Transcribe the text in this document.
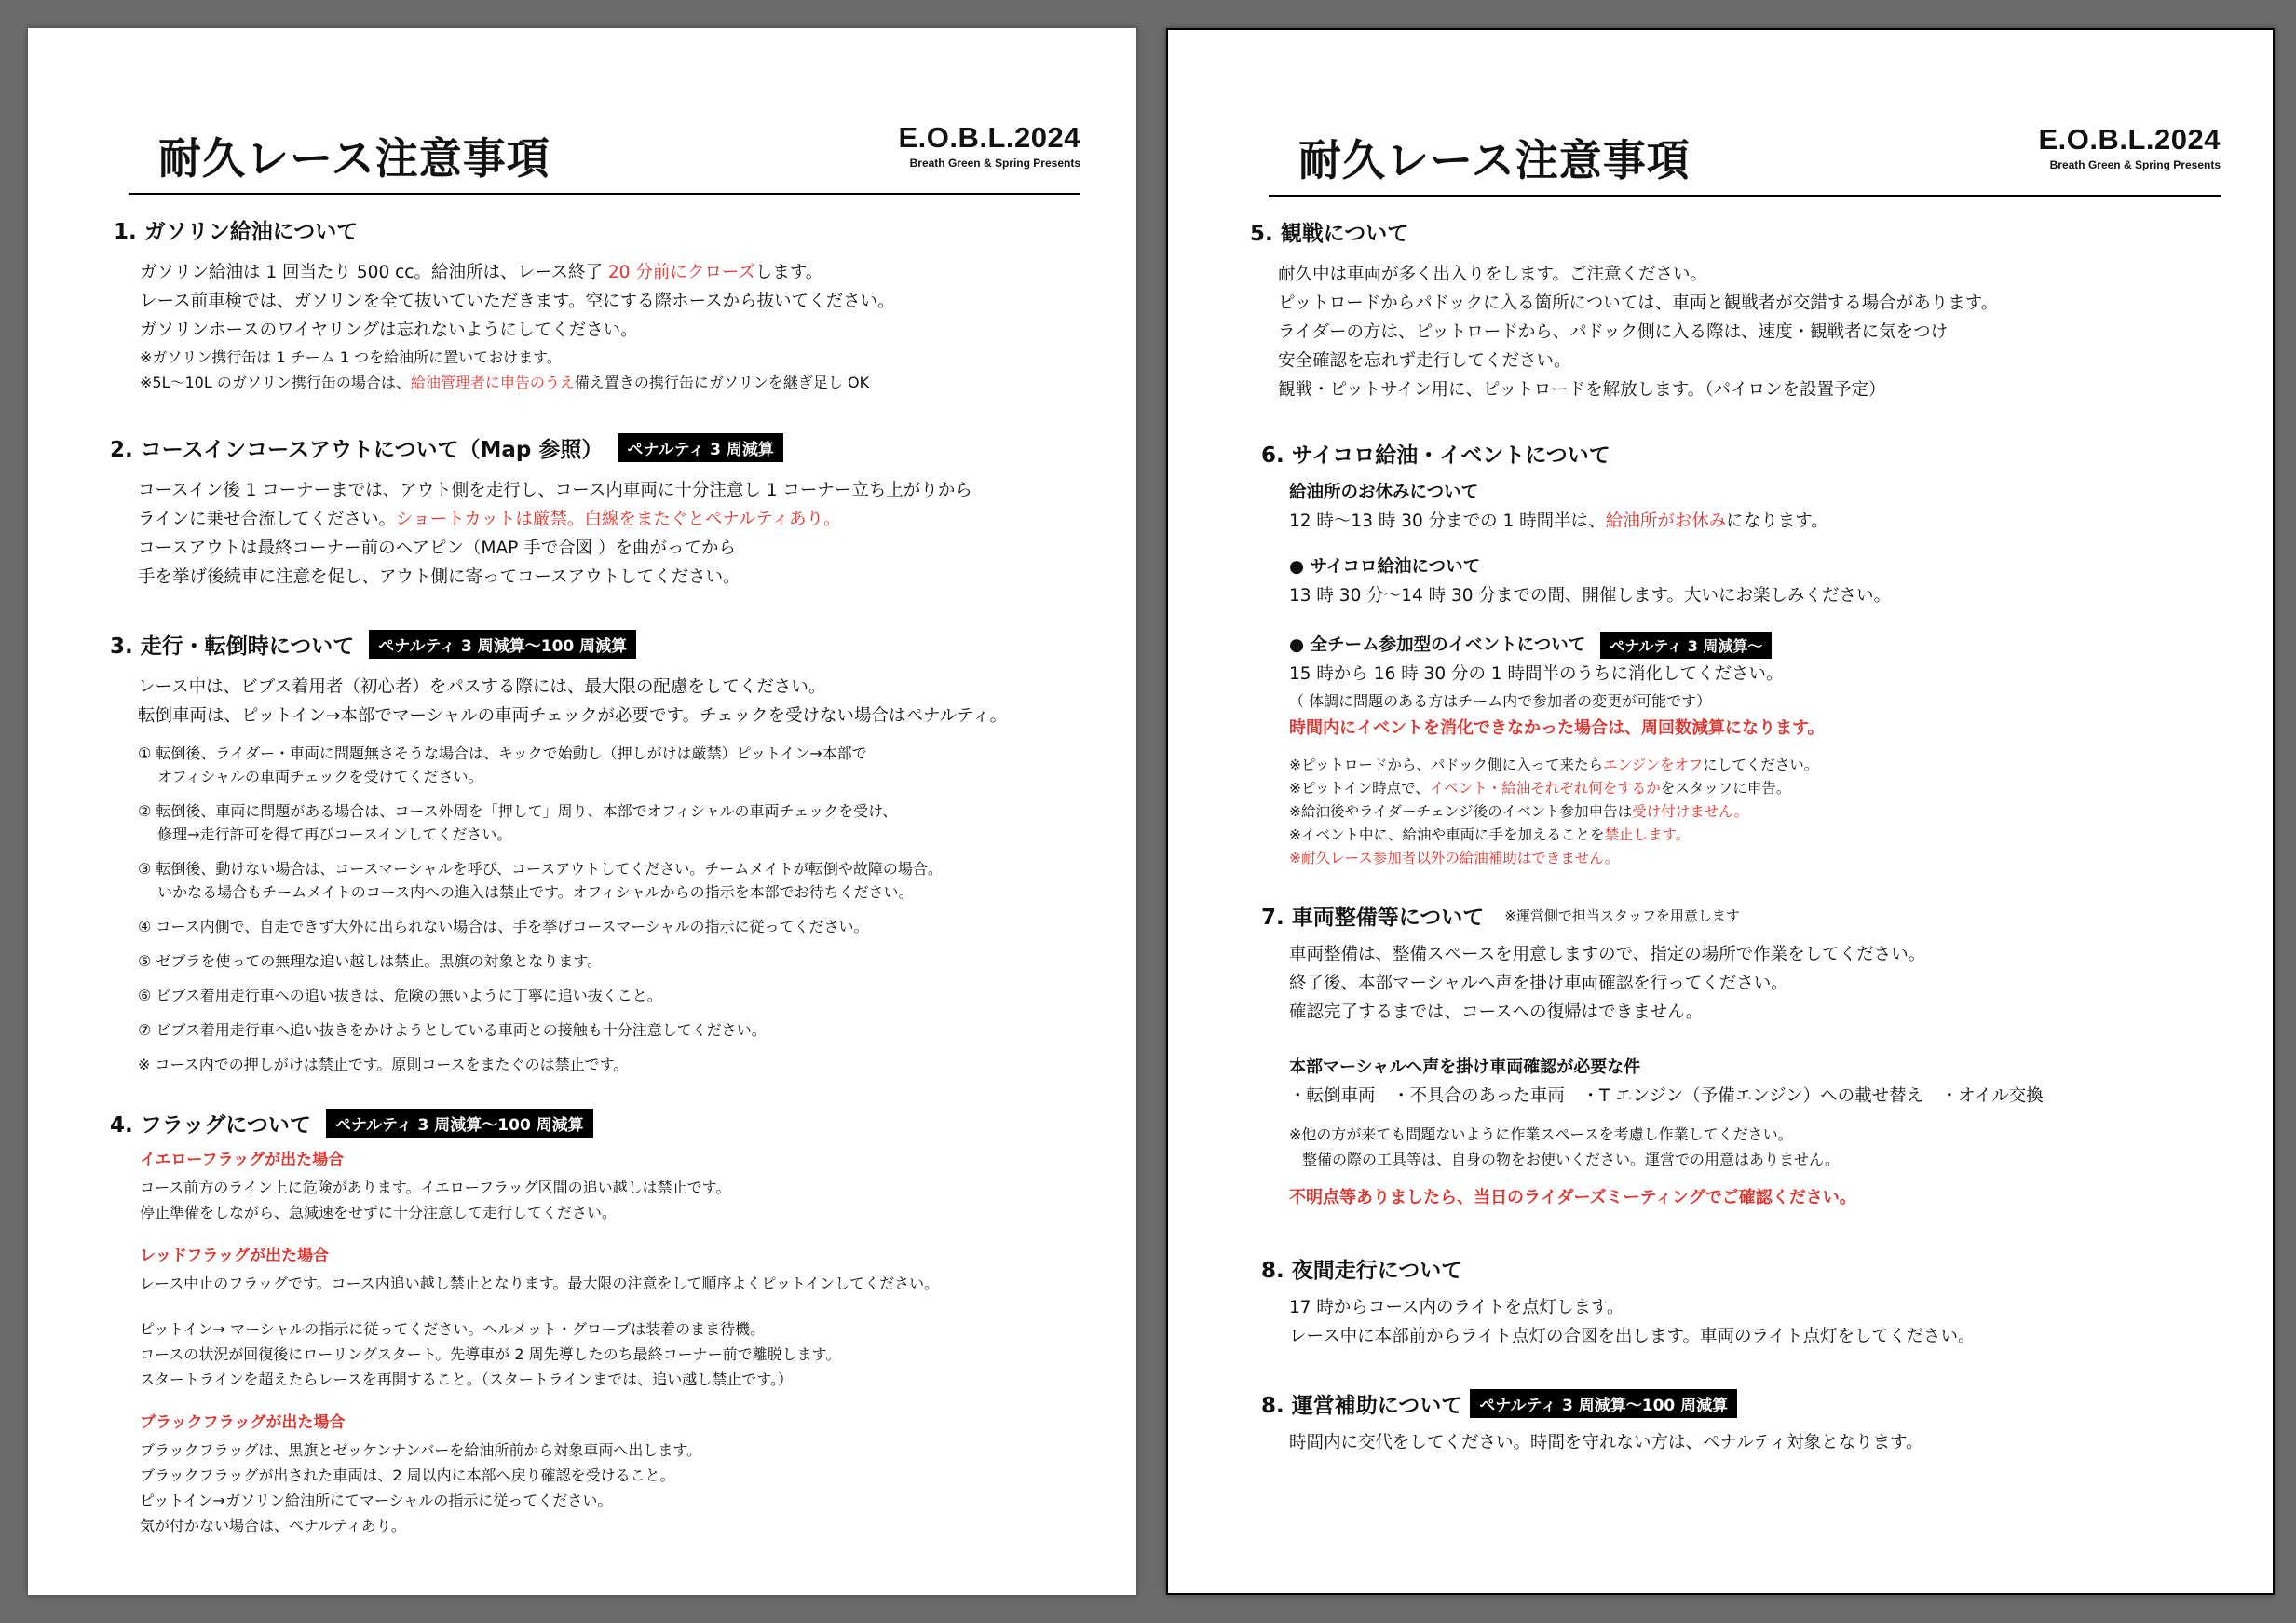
耐久レース注意事項	E.O.B.L.2024
Breath Green & Spring Presents
1. ガソリン給油について
ガソリン給油は 1 回当たり 500 cc。給油所は、レース終了 20 分前にクローズします。
レース前車検では、ガソリンを全て抜いていただきます。空にする際ホースから抜いてください。
ガソリンホースのワイヤリングは忘れないようにしてください。
※ガソリン携行缶は 1 チーム 1 つを給油所に置いておけます。
※5L～10L のガソリン携行缶の場合は、給油管理者に申告のうえ備え置きの携行缶にガソリンを継ぎ足し OK
2. コースインコースアウトについて（Map 参照）	ペナルティ 3 周減算
コースイン後 1 コーナーまでは、アウト側を走行し、コース内車両に十分注意し 1 コーナー立ち上がりから
ラインに乗せ合流してください。ショートカットは厳禁。白線をまたぐとペナルティあり。
コースアウトは最終コーナー前のヘアピン（MAP 手で合図 ）を曲がってから
手を挙げ後続車に注意を促し、アウト側に寄ってコースアウトしてください。
3. 走行・転倒時について	ペナルティ 3 周減算～100 周減算
レース中は、ビブス着用者（初心者）をパスする際には、最大限の配慮をしてください。
転倒車両は、ピットイン→本部でマーシャルの車両チェックが必要です。チェックを受けない場合はペナルティ。
① 転倒後、ライダー・車両に問題無さそうな場合は、キックで始動し（押しがけは厳禁）ピットイン→本部で
　 オフィシャルの車両チェックを受けてください。
② 転倒後、車両に問題がある場合は、コース外周を「押して」周り、本部でオフィシャルの車両チェックを受け、
　 修理→走行許可を得て再びコースインしてください。
③ 転倒後、動けない場合は、コースマーシャルを呼び、コースアウトしてください。チームメイトが転倒や故障の場合。
　 いかなる場合もチームメイトのコース内への進入は禁止です。オフィシャルからの指示を本部でお待ちください。
④ コース内側で、自走できず大外に出られない場合は、手を挙げコースマーシャルの指示に従ってください。
⑤ ゼブラを使っての無理な追い越しは禁止。黒旗の対象となります。
⑥ ビブス着用走行車への追い抜きは、危険の無いように丁寧に追い抜くこと。
⑦ ビブス着用走行車へ追い抜きをかけようとしている車両との接触も十分注意してください。
※ コース内での押しがけは禁止です。原則コースをまたぐのは禁止です。
4. フラッグについて	ペナルティ 3 周減算～100 周減算
イエローフラッグが出た場合
コース前方のライン上に危険があります。イエローフラッグ区間の追い越しは禁止です。
停止準備をしながら、急減速をせずに十分注意して走行してください。
レッドフラッグが出た場合
レース中止のフラッグです。コース内追い越し禁止となります。最大限の注意をして順序よくピットインしてください。
ピットイン→ マーシャルの指示に従ってください。ヘルメット・グローブは装着のまま待機。
コースの状況が回復後にローリングスタート。先導車が 2 周先導したのち最終コーナー前で離脱します。
スタートラインを超えたらレースを再開すること。（スタートラインまでは、追い越し禁止です。）
ブラックフラッグが出た場合
ブラックフラッグは、黒旗とゼッケンナンバーを給油所前から対象車両へ出します。
ブラックフラッグが出された車両は、2 周以内に本部へ戻り確認を受けること。
ピットイン→ガソリン給油所にてマーシャルの指示に従ってください。
気が付かない場合は、ペナルティあり。
耐久レース注意事項	E.O.B.L.2024
Breath Green & Spring Presents
5. 観戦について
耐久中は車両が多く出入りをします。ご注意ください。
ピットロードからパドックに入る箇所については、車両と観戦者が交錯する場合があります。
ライダーの方は、ピットロードから、パドック側に入る際は、速度・観戦者に気をつけ
安全確認を忘れず走行してください。
観戦・ピットサイン用に、ピットロードを解放します。（パイロンを設置予定）
6. サイコロ給油・イベントについて
給油所のお休みについて
12 時～13 時 30 分までの 1 時間半は、給油所がお休みになります。
● サイコロ給油について
13 時 30 分～14 時 30 分までの間、開催します。大いにお楽しみください。
● 全チーム参加型のイベントについて	ペナルティ 3 周減算～
15 時から 16 時 30 分の 1 時間半のうちに消化してください。
（ 体調に問題のある方はチーム内で参加者の変更が可能です）
時間内にイベントを消化できなかった場合は、周回数減算になります。
※ピットロードから、パドック側に入って来たらエンジンをオフにしてください。
※ピットイン時点で、イベント・給油それぞれ何をするかをスタッフに申告。
※給油後やライダーチェンジ後のイベント参加申告は受け付けません。
※イベント中に、給油や車両に手を加えることを禁止します。
※耐久レース参加者以外の給油補助はできません。
7. 車両整備等について ※運営側で担当スタッフを用意します
車両整備は、整備スペースを用意しますので、指定の場所で作業をしてください。
終了後、本部マーシャルへ声を掛け車両確認を行ってください。
確認完了するまでは、コースへの復帰はできません。
本部マーシャルへ声を掛け車両確認が必要な件
・転倒車両　・不具合のあった車両　・T エンジン（予備エンジン）への載せ替え　・オイル交換
※他の方が来ても問題ないように作業スペースを考慮し作業してください。
整備の際の工具等は、自身の物をお使いください。運営での用意はありません。
不明点等ありましたら、当日のライダーズミーティングでご確認ください。
8. 夜間走行について
17 時からコース内のライトを点灯します。
レース中に本部前からライト点灯の合図を出します。車両のライト点灯をしてください。
8. 運営補助について	ペナルティ 3 周減算～100 周減算
時間内に交代をしてください。時間を守れない方は、ペナルティ対象となります。
